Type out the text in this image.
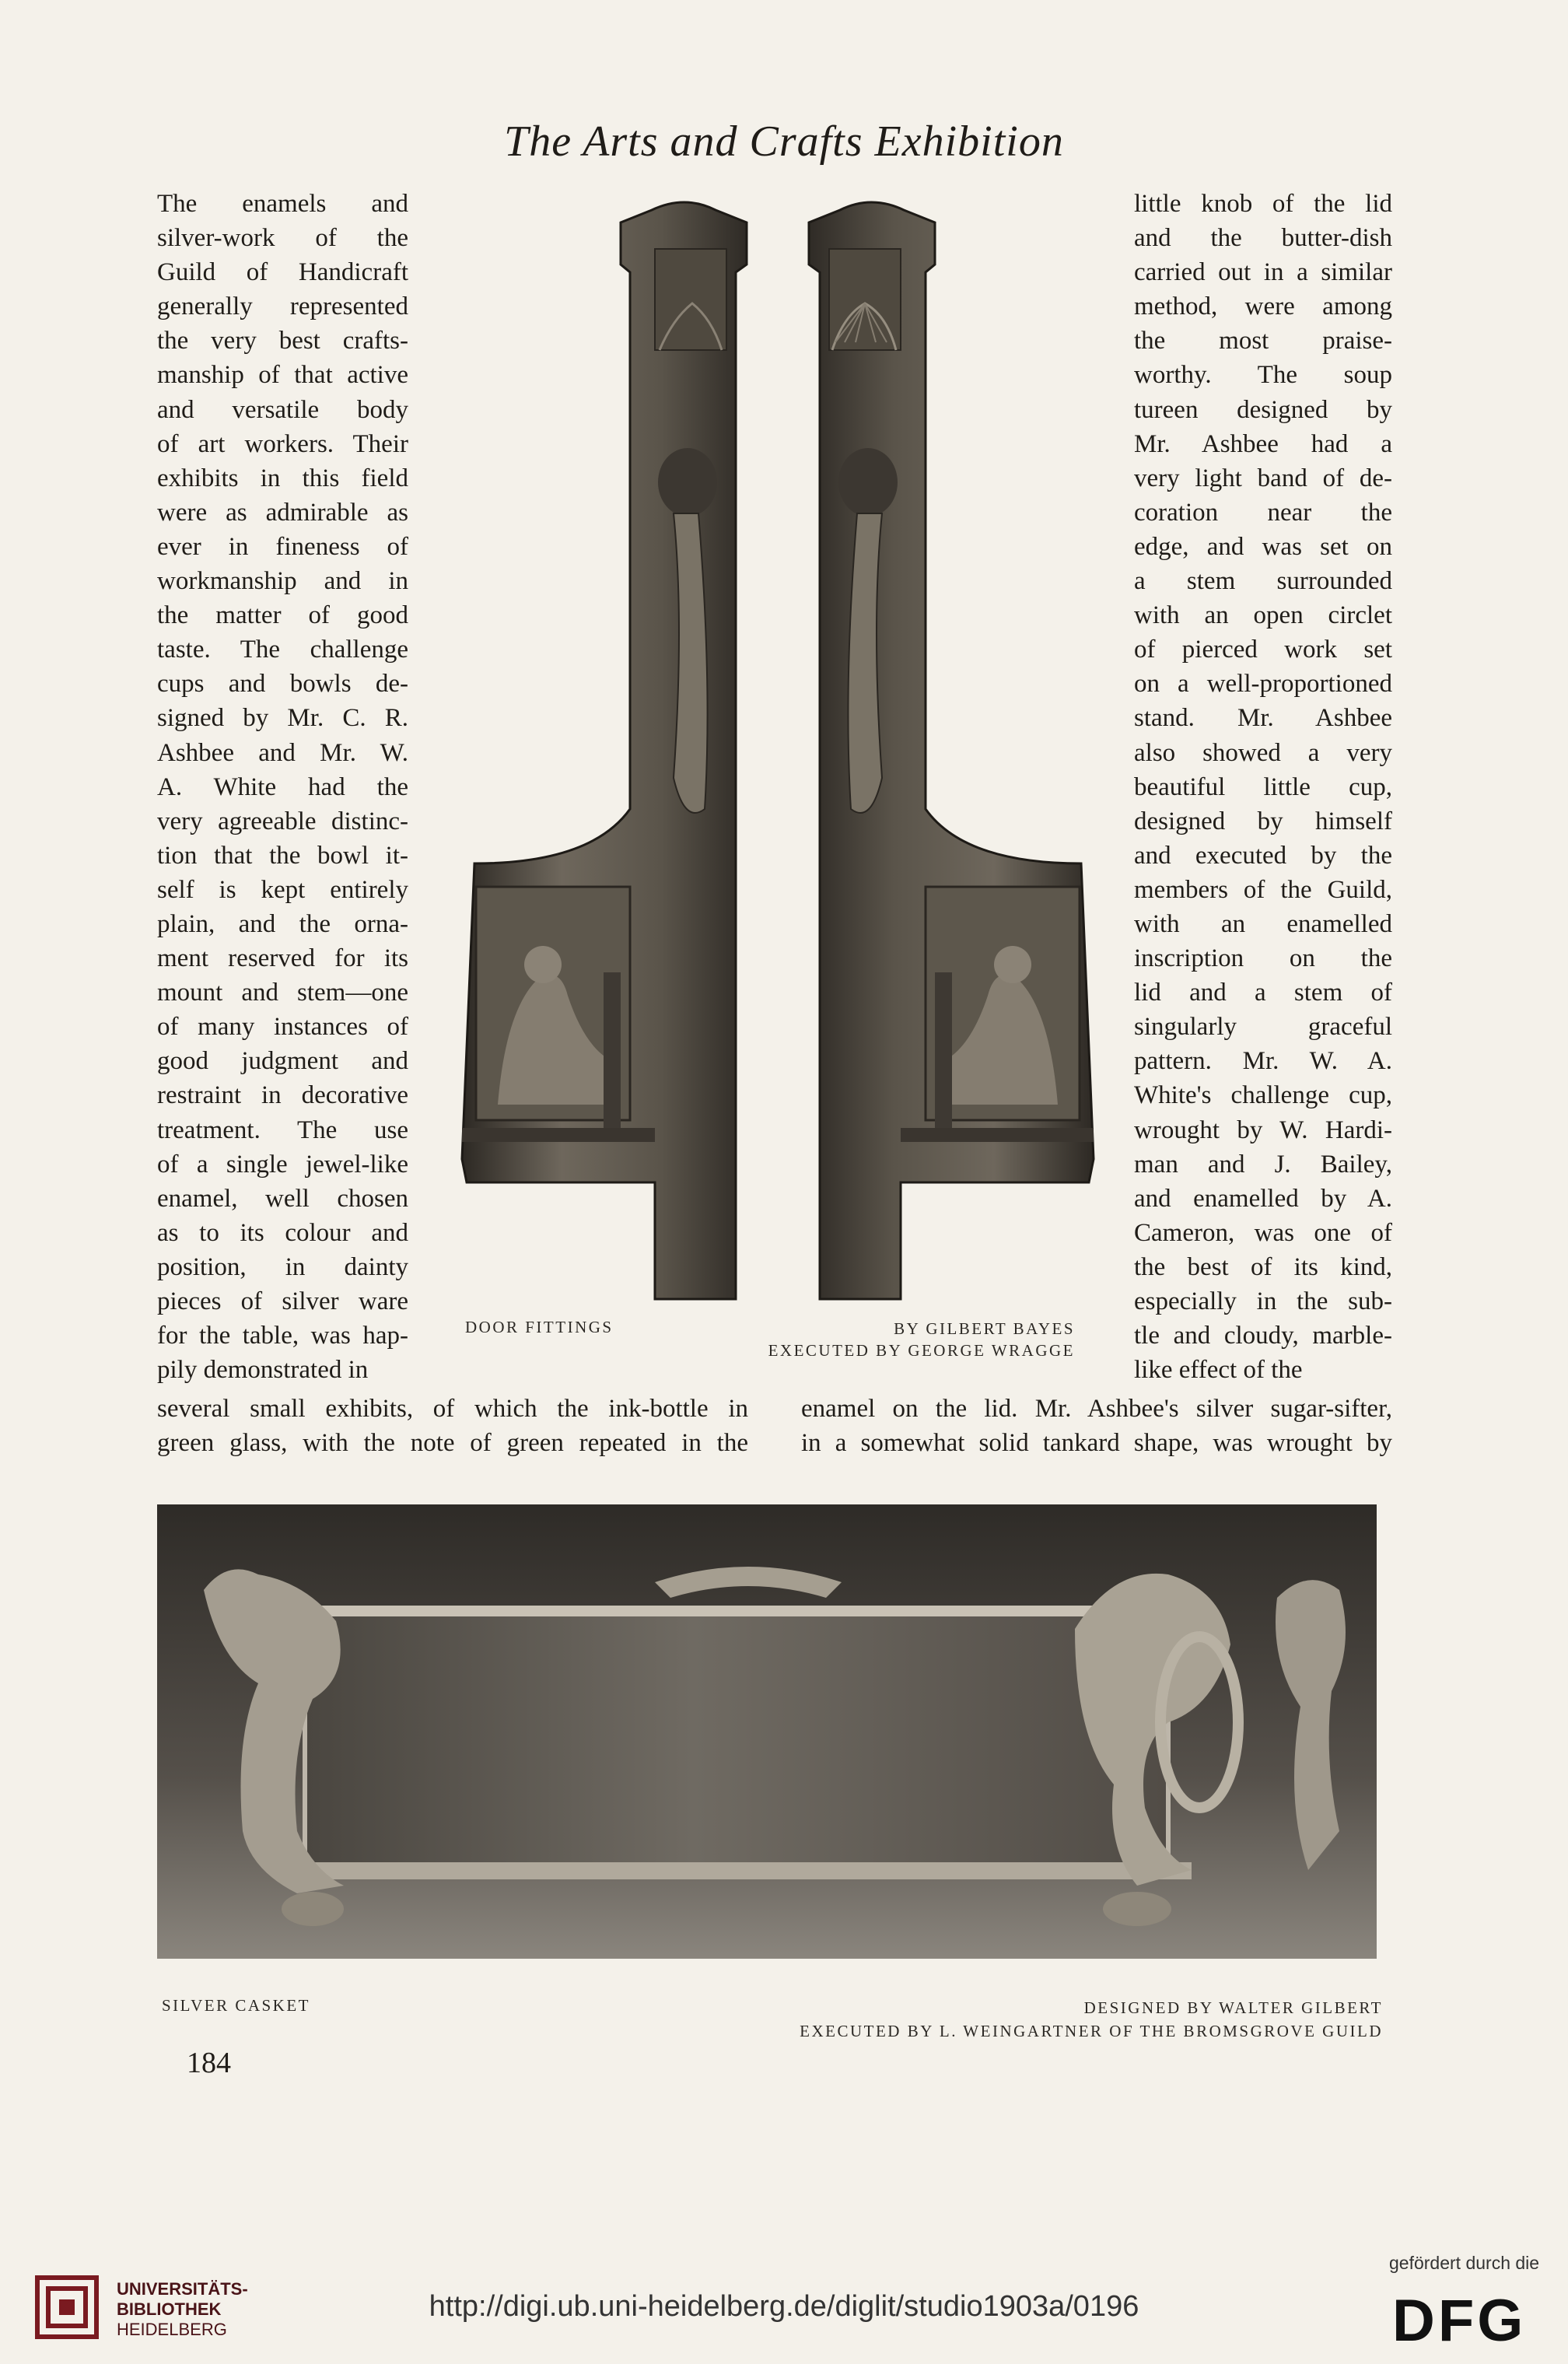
The Arts and Crafts Exhibition
The enamels and
silver-work of the
Guild of Handicraft
generally represented
the very best crafts-
manship of that active
and versatile body
of art workers. Their
exhibits in this field
were as admirable as
ever in fineness of
workmanship and in
the matter of good
taste. The challenge
cups and bowls de-
signed by Mr. C. R.
Ashbee and Mr. W.
A. White had the
very agreeable distinc-
tion that the bowl it-
self is kept entirely
plain, and the orna-
ment reserved for its
mount and stem—one
of many instances of
good judgment and
restraint in decorative
treatment. The use
of a single jewel-like
enamel, well chosen
as to its colour and
position, in dainty
pieces of silver ware
for the table, was hap-
pily demonstrated in
little knob of the lid
and the butter-dish
carried out in a similar
method, were among
the most praise-
worthy. The soup
tureen designed by
Mr. Ashbee had a
very light band of de-
coration near the
edge, and was set on
a stem surrounded
with an open circlet
of pierced work set
on a well-proportioned
stand. Mr. Ashbee
also showed a very
beautiful little cup,
designed by himself
and executed by the
members of the Guild,
with an enamelled
inscription on the
lid and a stem of
singularly graceful
pattern. Mr. W. A.
White's challenge cup,
wrought by W. Hardi-
man and J. Bailey,
and enamelled by A.
Cameron, was one of
the best of its kind,
especially in the sub-
tle and cloudy, marble-
like effect of the
DOOR FITTINGS	BY GILBERT BAYES
EXECUTED BY GEORGE WRAGGE
several small exhibits, of which the ink-bottle in enamel on the lid. Mr. Ashbee's silver sugar-sifter,
green glass, with the note of green repeated in the in a somewhat solid tankard shape, was wrought by
SILVER CASKET	DESIGNED BY WALTER GILBERT
EXECUTED BY L. WEINGARTNER OF THE BROMSGROVE GUILD
184
UNIVERSITÄTS-
BIBLIOTHEK
HEIDELBERG
http://digi.ub.uni-heidelberg.de/diglit/studio1903a/0196
gefördert durch die
DFG
